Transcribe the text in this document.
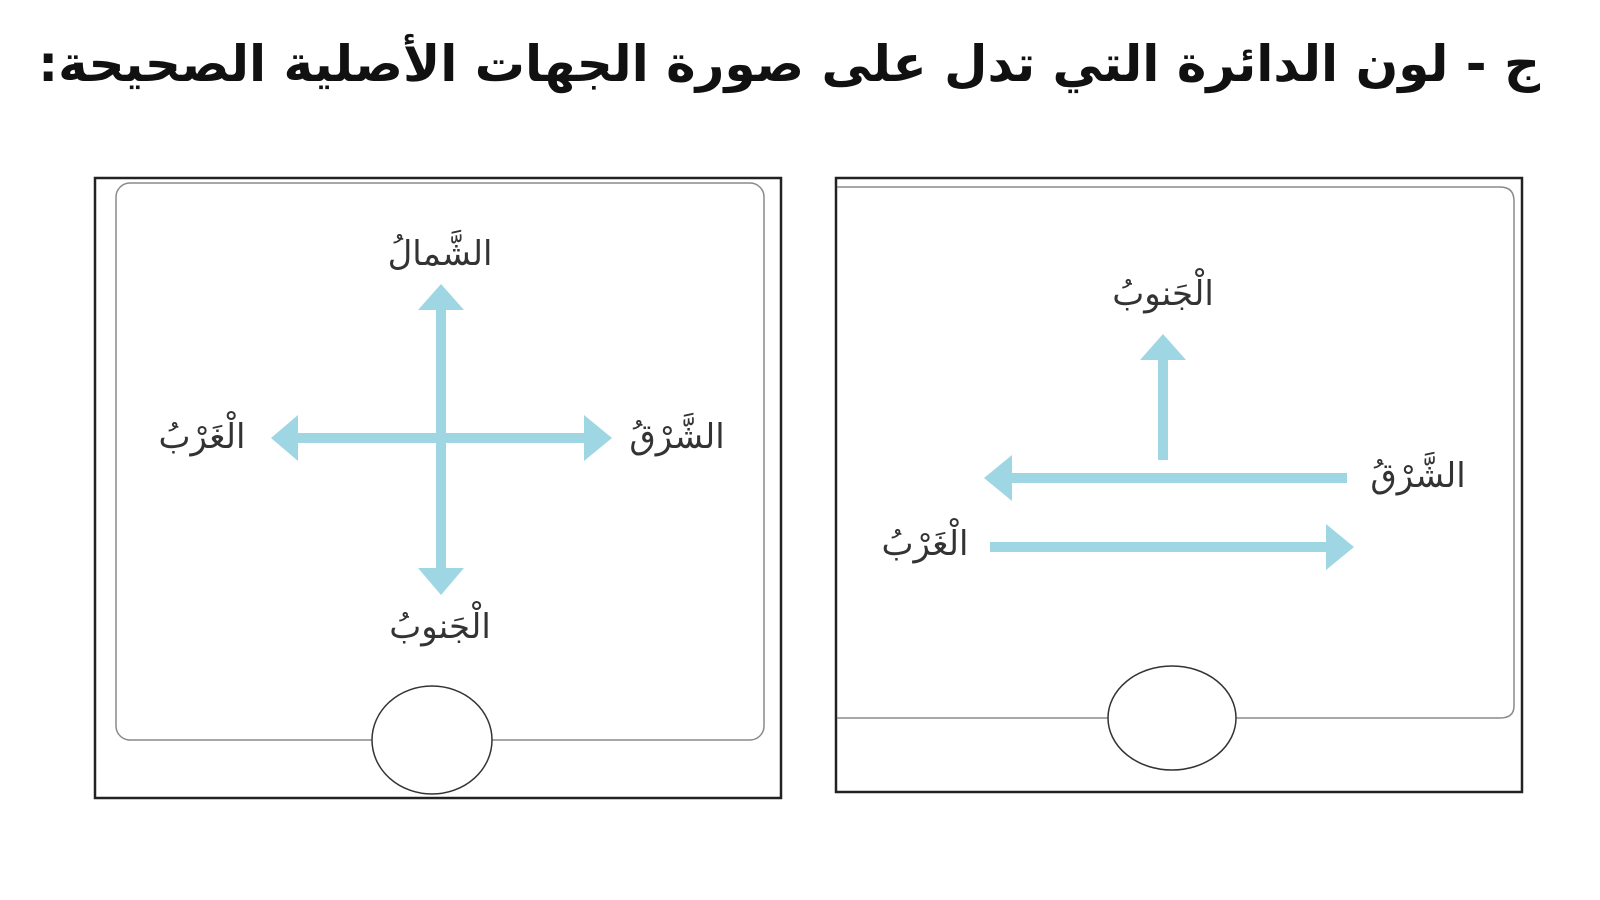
ج - لون الدائرة التي تدل على صورة الجهات الأصلية الصحيحة:
الشَّمالُ
الْجَنوبُ
الشَّرْقُ
الْغَرْبُ
الْجَنوبُ
الشَّرْقُ
الْغَرْبُ
